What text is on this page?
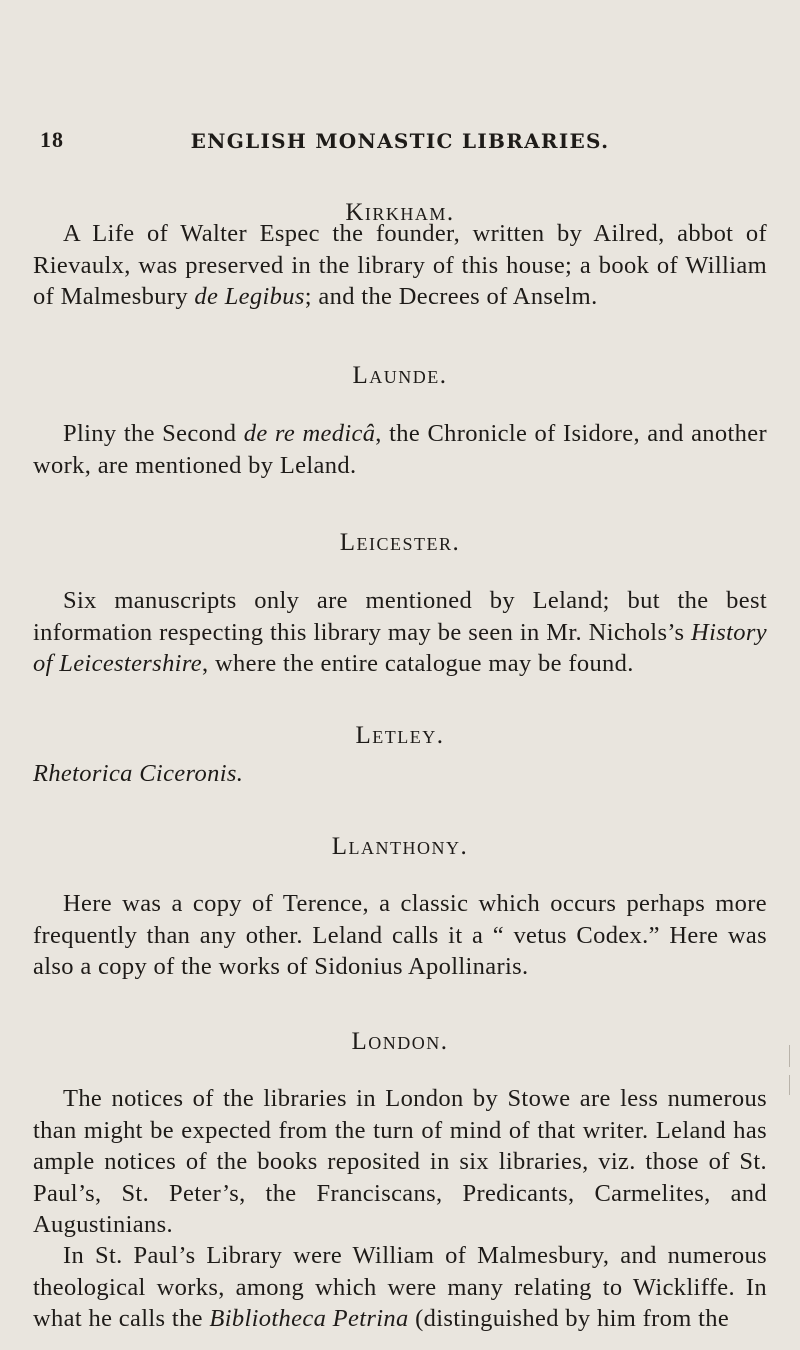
18	ENGLISH MONASTIC LIBRARIES.
Kirkham.

A Life of Walter Espec the founder, written by Ailred, abbot of Rievaulx, was preserved in the library of this house; a book of William of Malmesbury de Legibus; and the Decrees of Anselm.

Launde.

Pliny the Second de re medicâ, the Chronicle of Isidore, and another work, are mentioned by Leland.

Leicester.

Six manuscripts only are mentioned by Leland; but the best information respecting this library may be seen in Mr. Nichols’s History of Leicestershire, where the entire catalogue may be found.

Letley.

Rhetorica Ciceronis.

Llanthony.

Here was a copy of Terence, a classic which occurs perhaps more frequently than any other. Leland calls it a “ vetus Codex.” Here was also a copy of the works of Sidonius Apollinaris.

London.

The notices of the libraries in London by Stowe are less numerous than might be expected from the turn of mind of that writer. Leland has ample notices of the books reposited in six libraries, viz. those of St. Paul’s, St. Peter’s, the Franciscans, Predicants, Carmelites, and Augustinians.

In St. Paul’s Library were William of Malmesbury, and numerous theological works, among which were many relating to Wickliffe. In what he calls the Bibliotheca Petrina (distinguished by him from the
